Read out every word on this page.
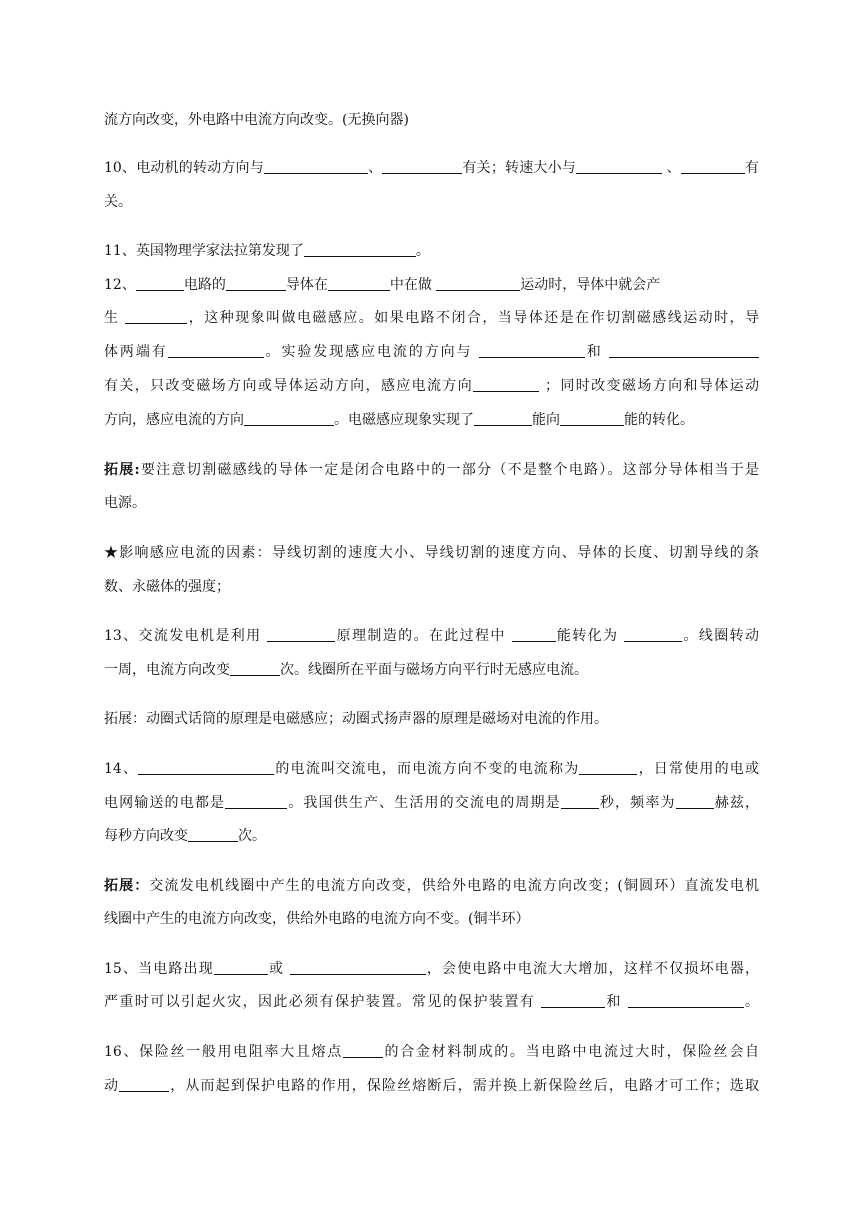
流方向改变，外电路中电流方向改变。(无换向器)
10、电动机的转动方向与	、	有关；转速大小与	、	有
关。
11、英国物理学家法拉第发现了	。
12、	电路的	导体在	中在做	运动时，导体中就会产
生	，这种现象叫做电磁感应。如果电路不闭合，当导体还是在作切割磁感线运动时，导
体两端有	。实验发现感应电流的方向与	和
有关，只改变磁场方向或导体运动方向，感应电流方向	；同时改变磁场方向和导体运动
方向，感应电流的方向	。电磁感应现象实现了	能向	能的转化。
拓展:要注意切割磁感线的导体一定是闭合电路中的一部分（不是整个电路）。这部分导体相当于是
电源。
★影响感应电流的因素：导线切割的速度大小、导线切割的速度方向、导体的长度、切割导线的条
数、永磁体的强度；
13、交流发电机是利用	原理制造的。在此过程中	能转化为	。线圈转动
一周，电流方向改变	次。线圈所在平面与磁场方向平行时无感应电流。
拓展：动圈式话筒的原理是电磁感应；动圈式扬声器的原理是磁场对电流的作用。
14、	的电流叫交流电，而电流方向不变的电流称为	，日常使用的电或
电网输送的电都是	。我国供生产、生活用的交流电的周期是	秒，频率为	赫兹，
每秒方向改变	次。
拓展：交流发电机线圈中产生的电流方向改变，供给外电路的电流方向改变；(铜圆环）直流发电机
线圈中产生的电流方向改变，供给外电路的电流方向不变。(铜半环）
15、当电路出现	或	，会使电路中电流大大增加，这样不仅损坏电器，
严重时可以引起火灾，因此必须有保护装置。常见的保护装置有	和	。
16、保险丝一般用电阻率大且熔点	的合金材料制成的。当电路中电流过大时，保险丝会自
动	，从而起到保护电路的作用，保险丝熔断后，需并换上新保险丝后，电路才可工作；选取
